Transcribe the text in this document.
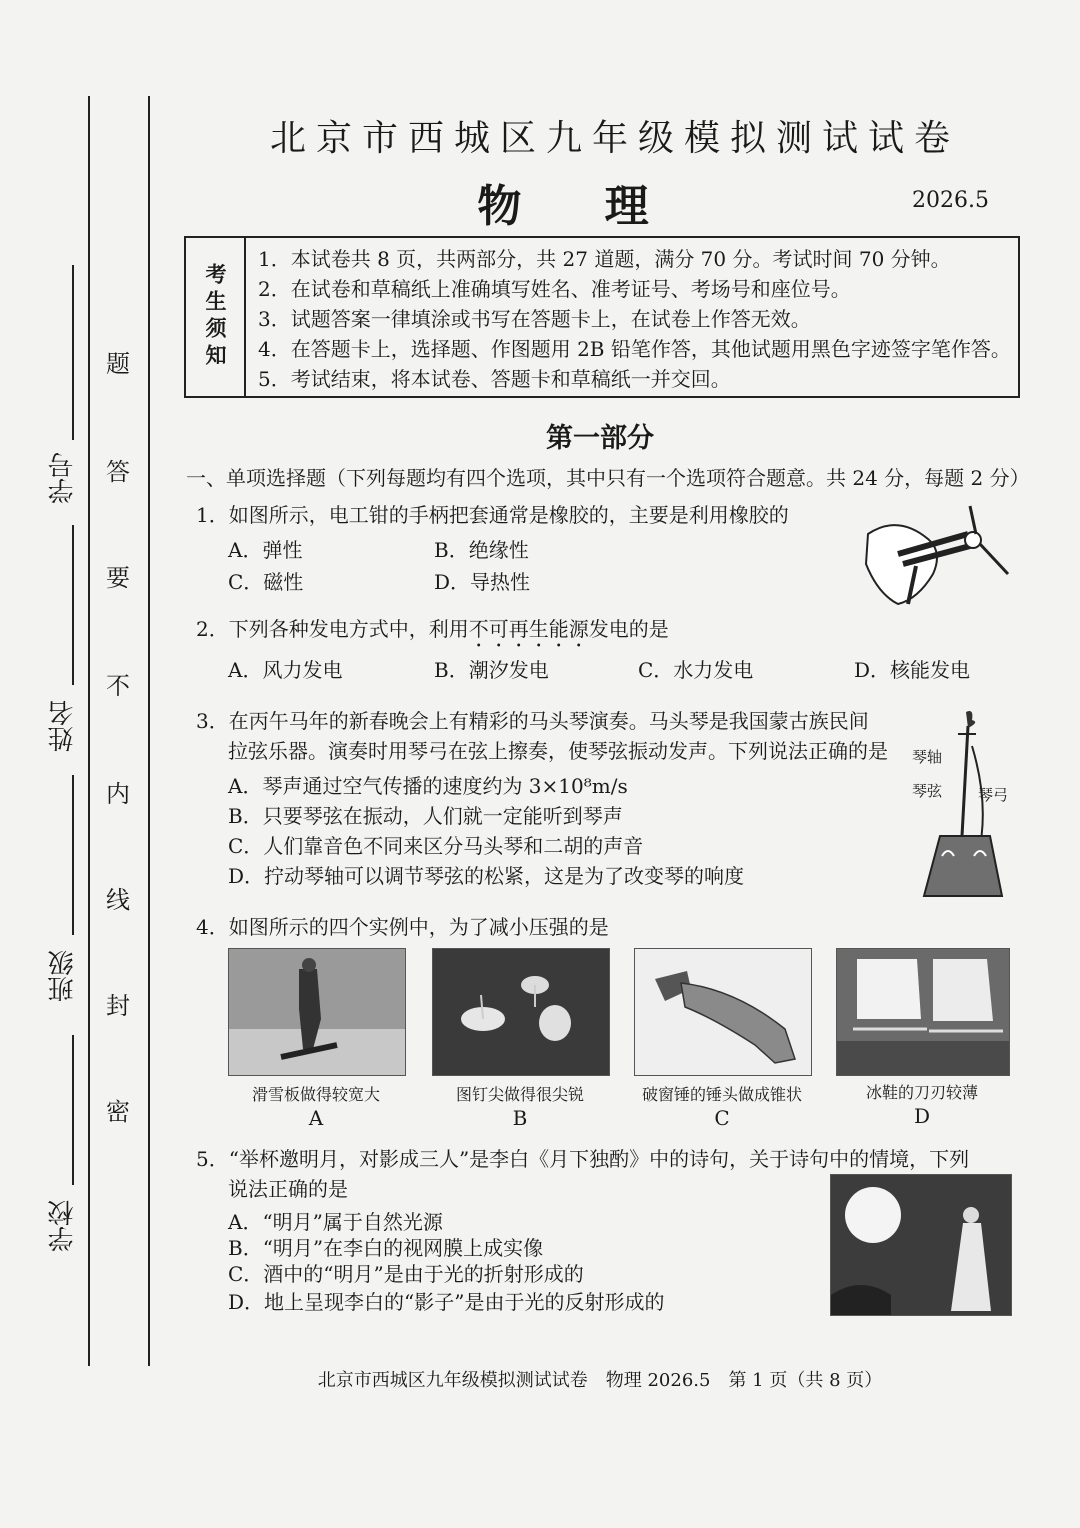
学校
班级
姓名
学号
密
封
线
内
不
要
答
题
北京市西城区九年级模拟测试试卷
物 理	2026.5
考生须知
1．本试卷共 8 页，共两部分，共 27 道题，满分 70 分。考试时间 70 分钟。
2．在试卷和草稿纸上准确填写姓名、准考证号、考场号和座位号。
3．试题答案一律填涂或书写在答题卡上，在试卷上作答无效。
4．在答题卡上，选择题、作图题用 2B 铅笔作答，其他试题用黑色字迹签字笔作答。
5．考试结束，将本试卷、答题卡和草稿纸一并交回。
第一部分
一、单项选择题（下列每题均有四个选项，其中只有一个选项符合题意。共 24 分，每题 2 分）
1．如图所示，电工钳的手柄把套通常是橡胶的，主要是利用橡胶的
A．弹性	B．绝缘性
C．磁性	D．导热性
2．下列各种发电方式中，利用不可再生能源发电的是
A．风力发电	B．潮汐发电	C．水力发电	D．核能发电
3．在丙午马年的新春晚会上有精彩的马头琴演奏。马头琴是我国蒙古族民间
拉弦乐器。演奏时用琴弓在弦上擦奏，使琴弦振动发声。下列说法正确的是
A．琴声通过空气传播的速度约为 3×10⁸m/s
B．只要琴弦在振动，人们就一定能听到琴声
C．人们靠音色不同来区分马头琴和二胡的声音
D．拧动琴轴可以调节琴弦的松紧，这是为了改变琴的响度
琴轴
琴弦 琴弓
4．如图所示的四个实例中，为了减小压强的是
滑雪板做得较宽大	图钉尖做得很尖锐	破窗锤的锤头做成锥状	冰鞋的刀刃较薄
A	B	C	D
5．“举杯邀明月，对影成三人”是李白《月下独酌》中的诗句，关于诗句中的情境，下列
说法正确的是
A．“明月”属于自然光源
B．“明月”在李白的视网膜上成实像
C．酒中的“明月”是由于光的折射形成的
D．地上呈现李白的“影子”是由于光的反射形成的
北京市西城区九年级模拟测试试卷　物理 2026.5　第 1 页（共 8 页）
